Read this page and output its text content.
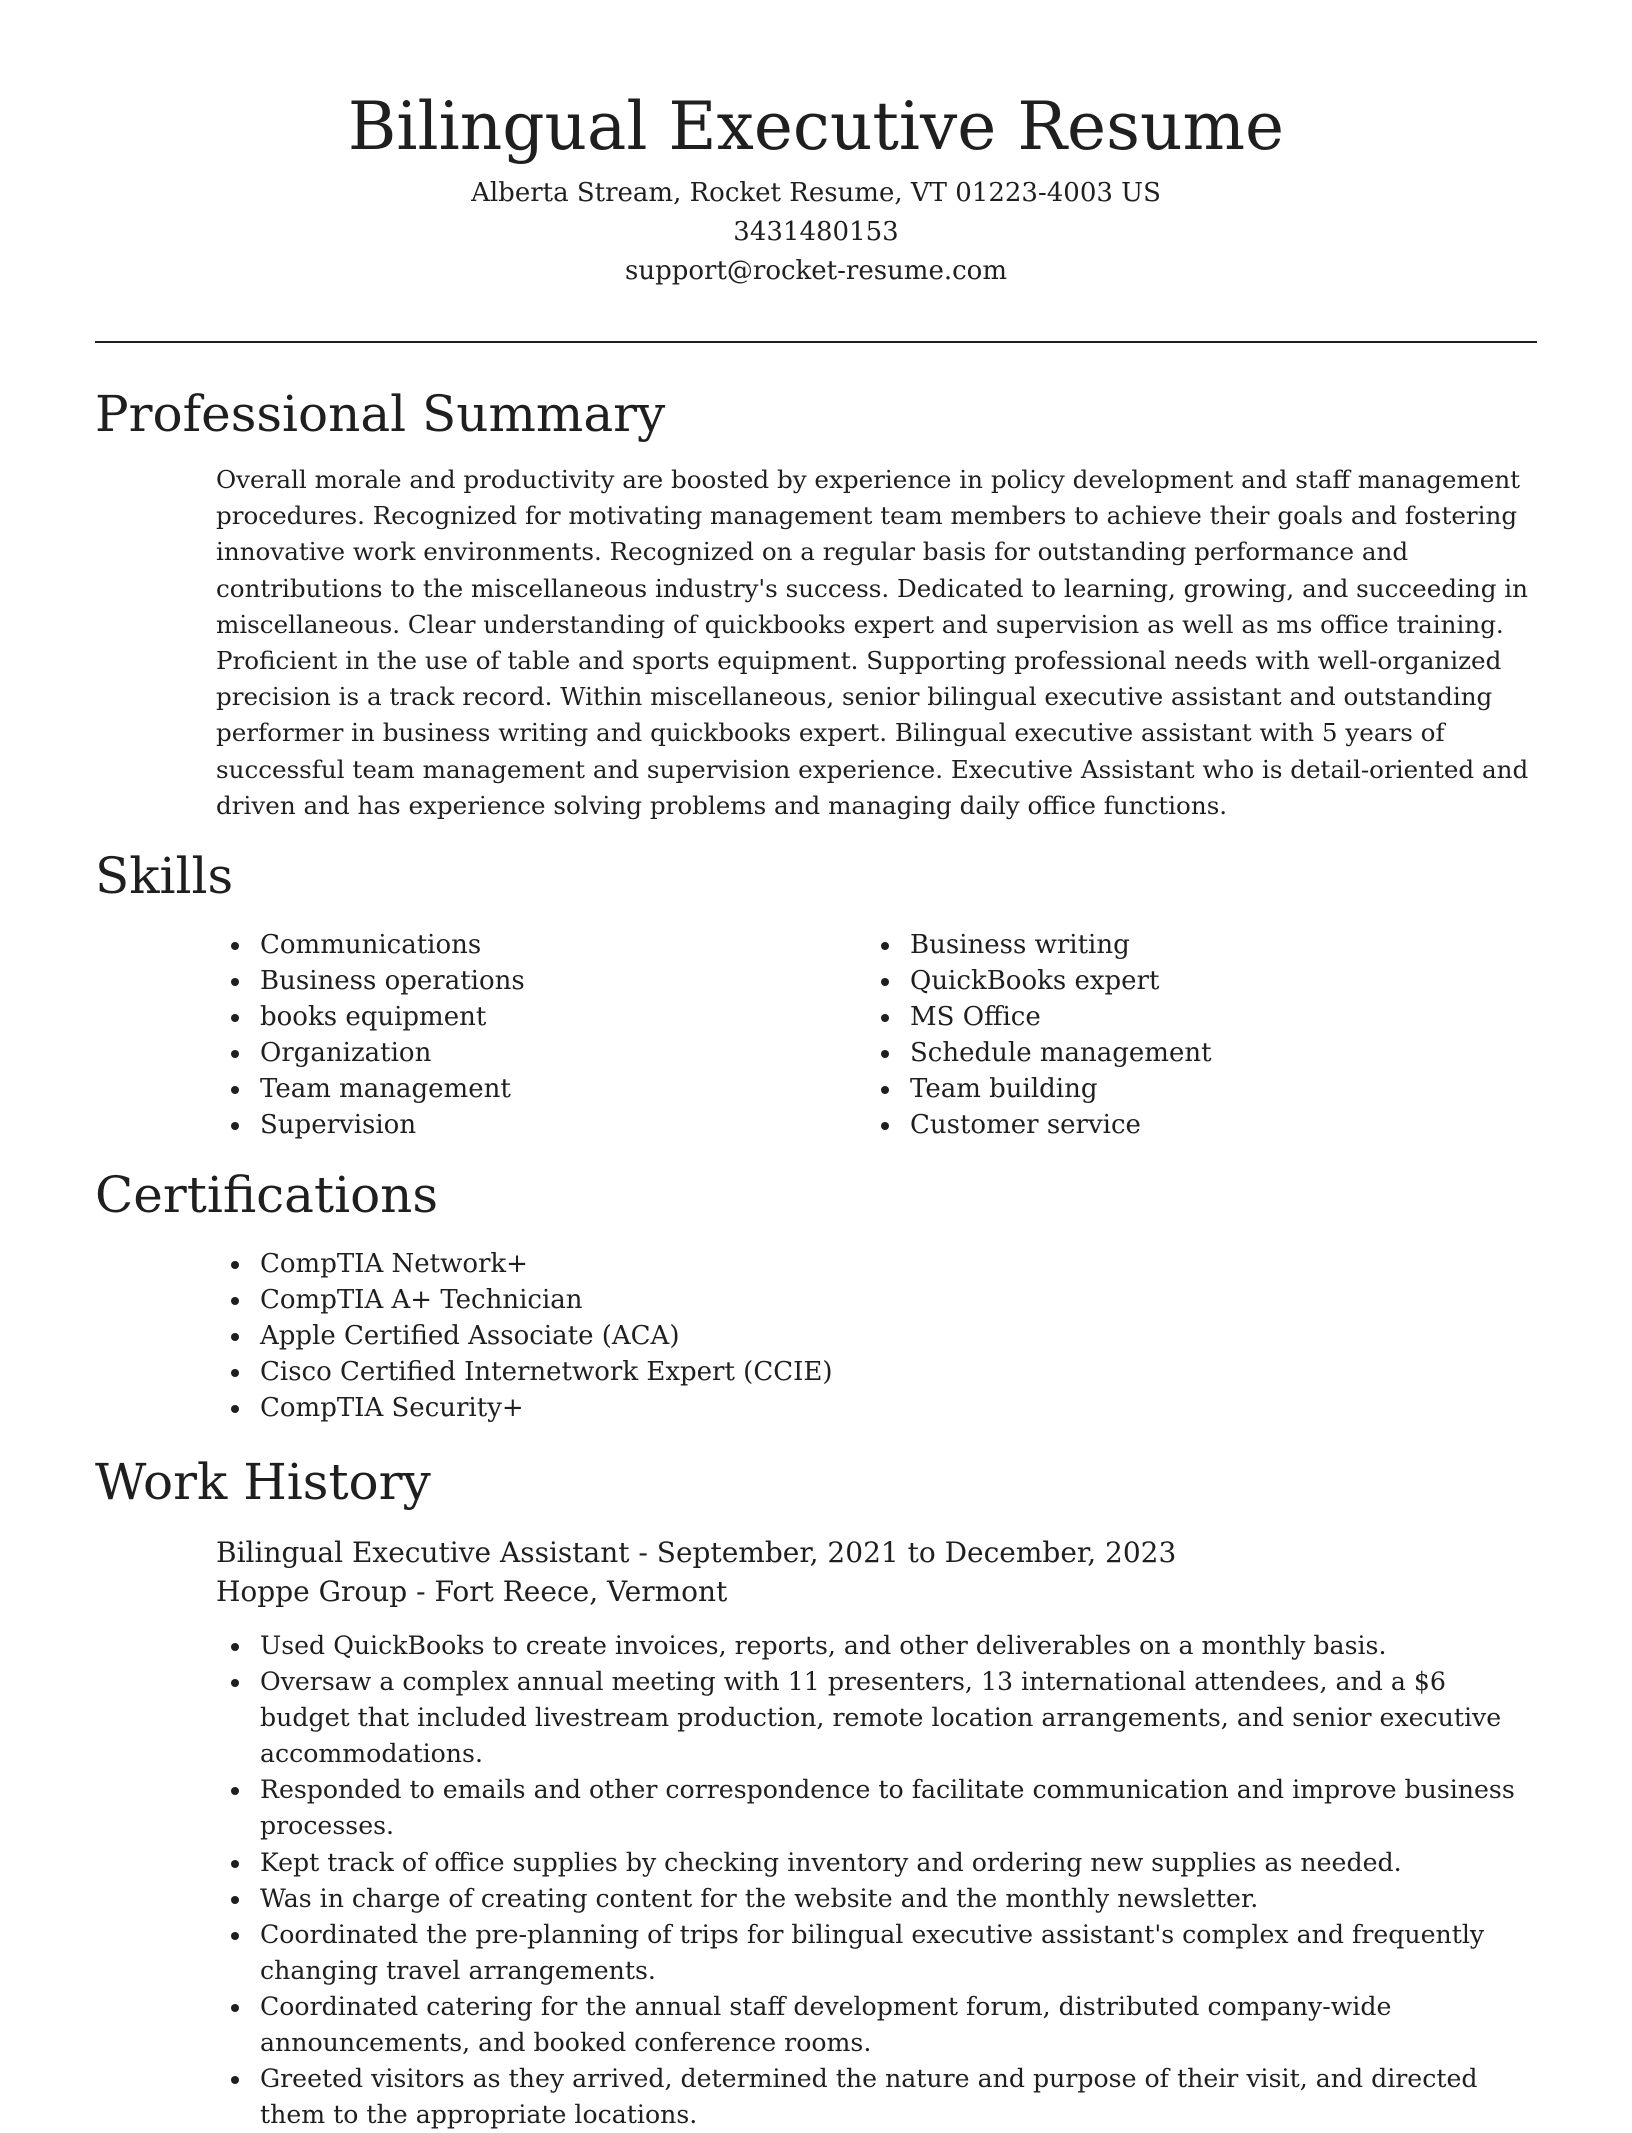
Bilingual Executive Resume

Alberta Stream, Rocket Resume, VT 01223-4003 US

3431480153

support@rocket-resume.com

Professional Summary

Overall morale and productivity are boosted by experience in policy development and staff management procedures. Recognized for motivating management team members to achieve their goals and fostering innovative work environments. Recognized on a regular basis for outstanding performance and contributions to the miscellaneous industry's success. Dedicated to learning, growing, and succeeding in miscellaneous. Clear understanding of quickbooks expert and supervision as well as ms office training. Proficient in the use of table and sports equipment. Supporting professional needs with well-organized precision is a track record. Within miscellaneous, senior bilingual executive assistant and outstanding performer in business writing and quickbooks expert. Bilingual executive assistant with 5 years of successful team management and supervision experience. Executive Assistant who is detail-oriented and driven and has experience solving problems and managing daily office functions.

Skills
Communications
Business operations
books equipment
Organization
Team management
Supervision
Business writing
QuickBooks expert
MS Office
Schedule management
Team building
Customer service
Certifications
CompTIA Network+
CompTIA A+ Technician
Apple Certified Associate (ACA)
Cisco Certified Internetwork Expert (CCIE)
CompTIA Security+
Work History

Bilingual Executive Assistant - September, 2021 to December, 2023

Hoppe Group - Fort Reece, Vermont

Used QuickBooks to create invoices, reports, and other deliverables on a monthly basis.
Oversaw a complex annual meeting with 11 presenters, 13 international attendees, and a $6 budget that included livestream production, remote location arrangements, and senior executive accommodations.
Responded to emails and other correspondence to facilitate communication and improve business processes.
Kept track of office supplies by checking inventory and ordering new supplies as needed.
Was in charge of creating content for the website and the monthly newsletter.
Coordinated the pre-planning of trips for bilingual executive assistant's complex and frequently changing travel arrangements.
Coordinated catering for the annual staff development forum, distributed company-wide announcements, and booked conference rooms.
Greeted visitors as they arrived, determined the nature and purpose of their visit, and directed them to the appropriate locations.
